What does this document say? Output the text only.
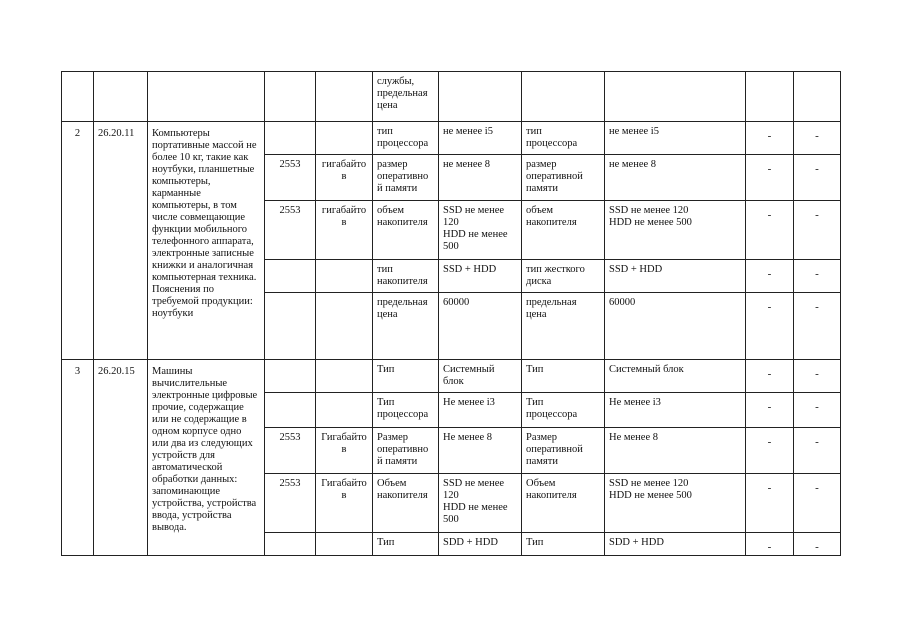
					службы,
предельная
цена					
2	26.20.11	Компьютеры портативные массой не более 10 кг, такие как ноутбуки, планшетные компьютеры, карманные компьютеры, в том числе совмещающие функции мобильного телефонного аппарата, электронные записные книжки и аналогичная компьютерная техника. Пояснения по требуемой продукции: ноутбуки			тип
процессора	не менее i5	тип
процессора	не менее i5	-	-
			2553	гигабайто
в	размер
оперативно
й памяти	не менее 8	размер
оперативной
памяти	не менее 8	-	-
			2553	гигабайто
в	объем
накопителя	SSD не менее
120
HDD не менее
500	объем
накопителя	SSD не менее 120
HDD не менее 500	-	-
					тип
накопителя	SSD + HDD	тип жесткого
диска	SSD + HDD	-	-
					предельная
цена	60000	предельная
цена	60000	-	-
3	26.20.15	Машины вычислительные электронные цифровые прочие, содержащие или не содержащие в одном корпусе одно или два из следующих устройств для автоматической обработки данных: запоминающие устройства, устройства ввода, устройства вывода.			Тип	Системный
блок	Тип	Системный блок	-	-
					Тип
процессора	Не менее i3	Тип
процессора	Не менее i3	-	-
			2553	Гигабайто
в	Размер
оперативно
й памяти	Не менее 8	Размер
оперативной
памяти	Не менее 8	-	-
			2553	Гигабайто
в	Объем
накопителя	SSD не менее
120
HDD не менее
500	Объем
накопителя	SSD не менее 120
HDD не менее 500	-	-
					Тип	SDD + HDD	Тип	SDD + HDD	-	-
